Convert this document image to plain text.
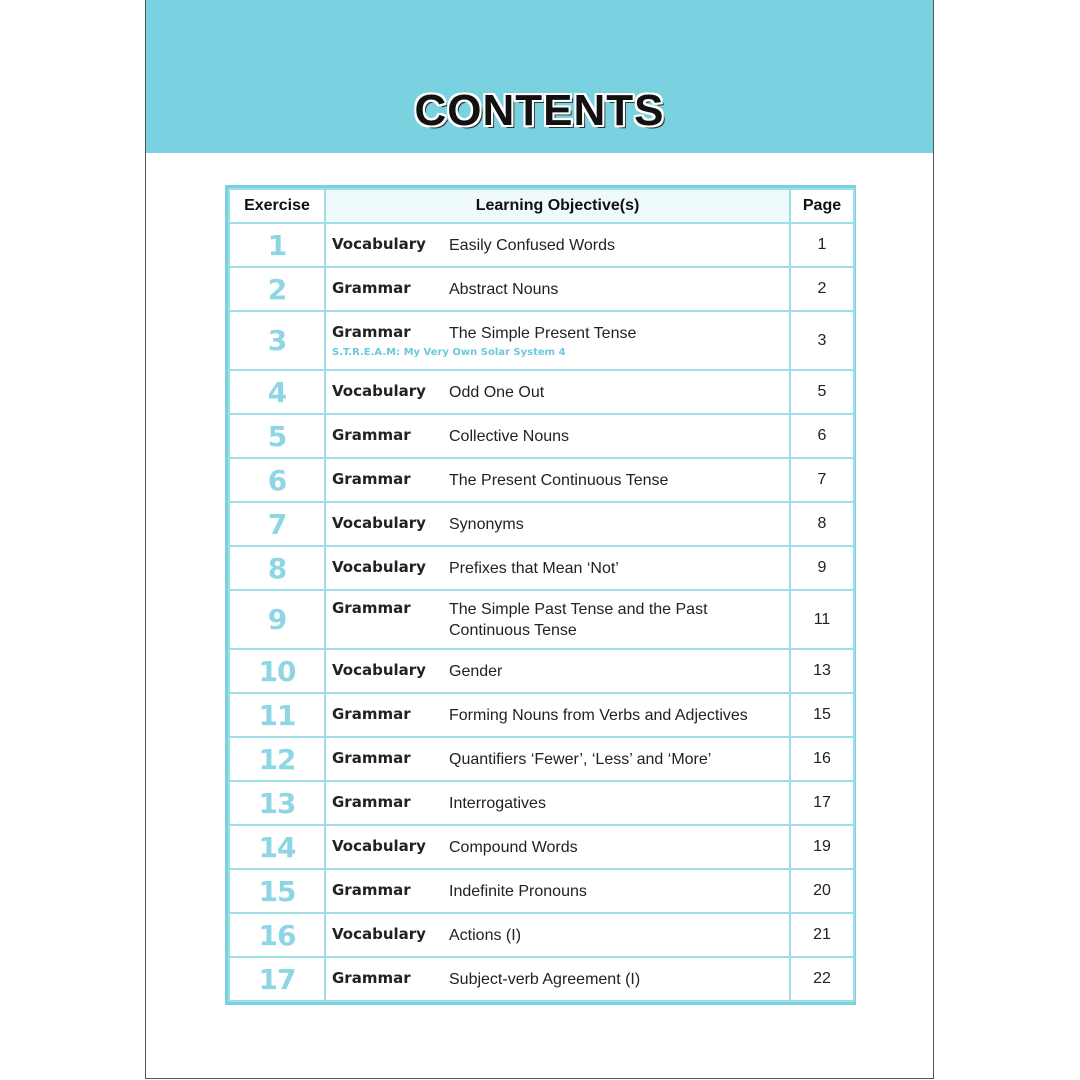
CONTENTS
Exercise	Learning Objective(s)	Page
1	Vocabulary Easily Confused Words	1
2	Grammar Abstract Nouns	2
3	Grammar The Simple Present Tense
S.T.R.E.A.M: My Very Own Solar System 4	3
4	Vocabulary Odd One Out	5
5	Grammar Collective Nouns	6
6	Grammar The Present Continuous Tense	7
7	Vocabulary Synonyms	8
8	Vocabulary Prefixes that Mean ‘Not’	9
9	Grammar The Simple Past Tense and the Past
Continuous Tense	11
10	Vocabulary Gender	13
11	Grammar Forming Nouns from Verbs and Adjectives	15
12	Grammar Quantifiers ‘Fewer’, ‘Less’ and ‘More’	16
13	Grammar Interrogatives	17
14	Vocabulary Compound Words	19
15	Grammar Indefinite Pronouns	20
16	Vocabulary Actions (I)	21
17	Grammar Subject-verb Agreement (I)	22
